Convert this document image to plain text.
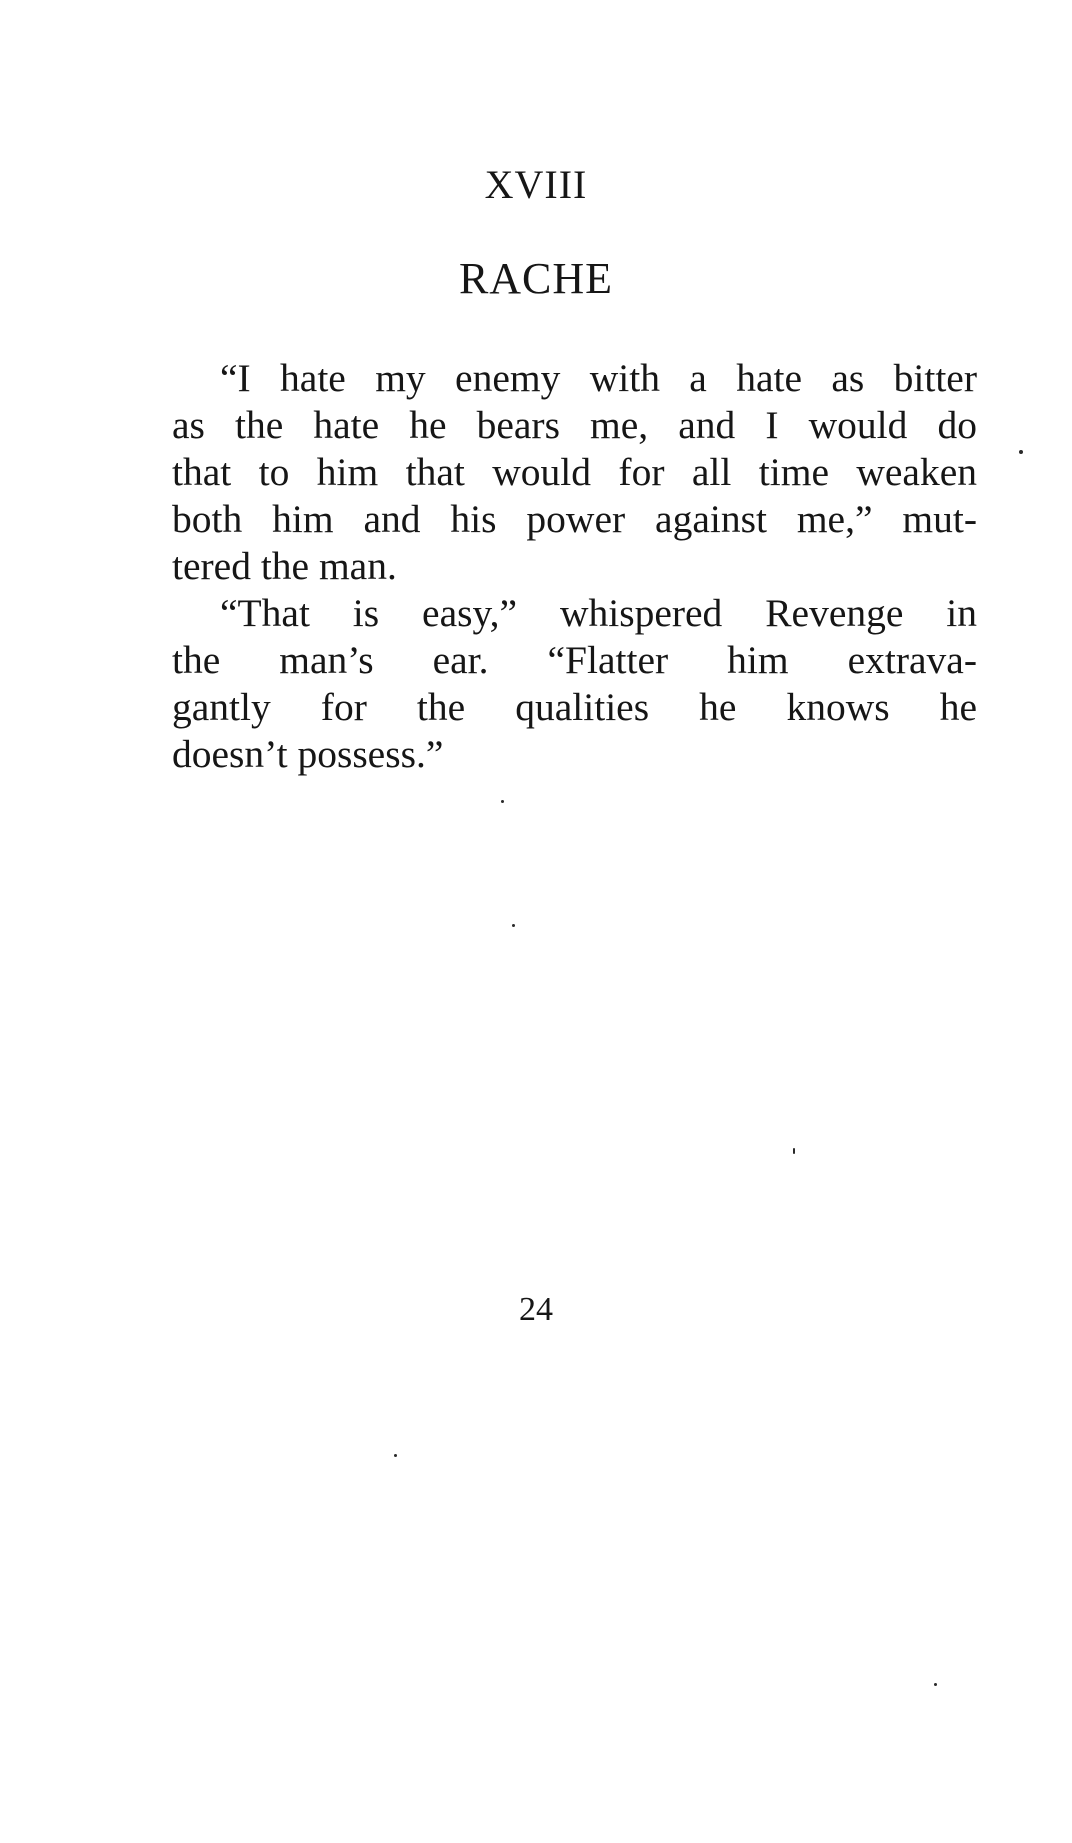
XVIII
RACHE
“I hate my enemy with a hate as bitter
as the hate he bears me, and I would do
that to him that would for all time weaken
both him and his power against me,” mut-
tered the man.
“That is easy,” whispered Revenge in
the man’s ear. “Flatter him extrava-
gantly for the qualities he knows he
doesn’t possess.”
24
